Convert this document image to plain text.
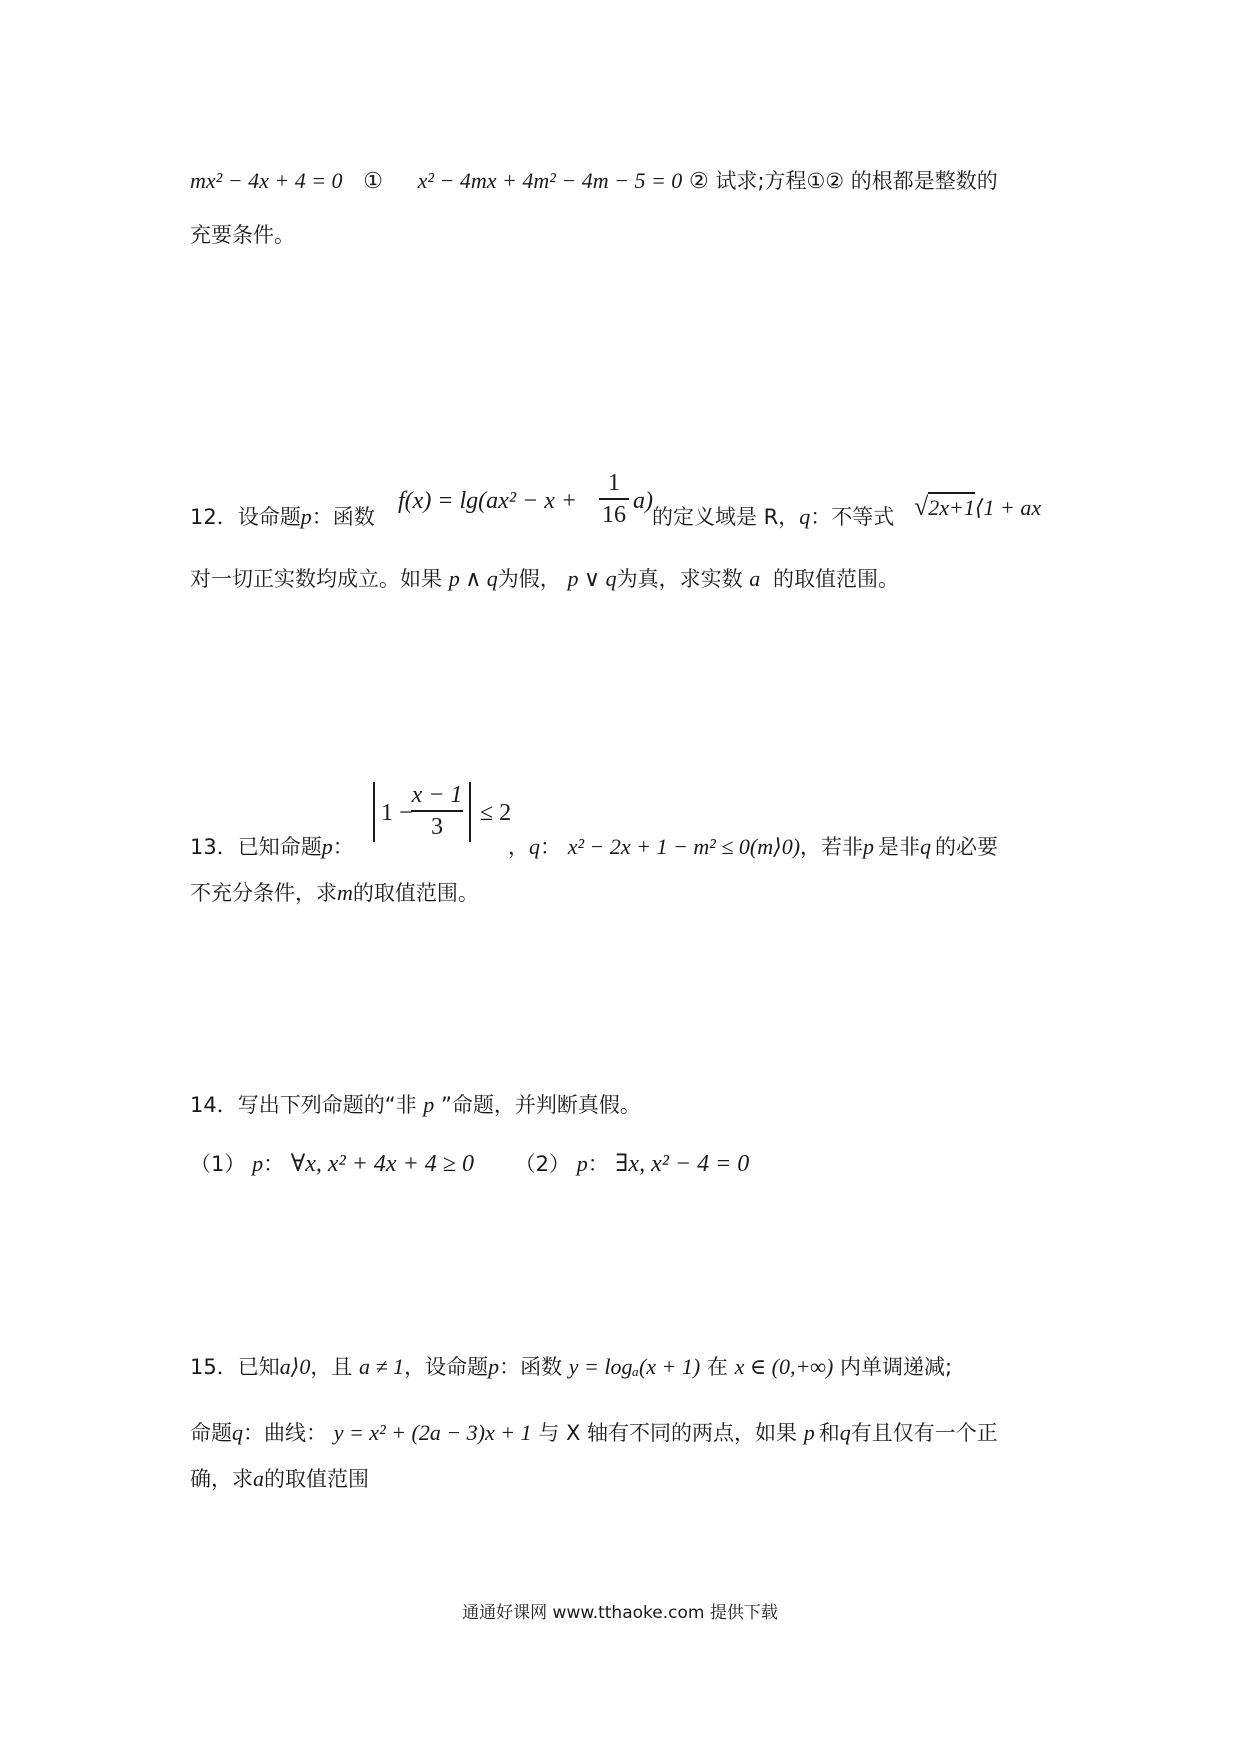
mx² − 4x + 4 = 0 ① x² − 4mx + 4m² − 4m − 5 = 0 ② 试求;方程①② 的根都是整数的
充要条件。
f(x) = lg(ax² − x +
1
16
a)
12．设命题p：函数	的定义域是 R，q：不等式 √2x+1⟨1 + ax
对一切正实数均成立。如果 p ∧ q为假， p ∨ q为真，求实数 a 的取值范围。
1 −
x − 1
3
≤ 2
13．已知命题p：	，q： x² − 2x + 1 − m² ≤ 0(m⟩0)，若非p 是非q 的必要
不充分条件，求m的取值范围。
14．写出下列命题的“非 p ”命题，并判断真假。
（1） p： ∀x, x² + 4x + 4 ≥ 0 （2） p： ∃x, x² − 4 = 0
15．已知a⟩0，且 a ≠ 1，设命题p：函数 y = logₐ(x + 1) 在 x ∈ (0,+∞) 内单调递减;
命题q：曲线： y = x² + (2a − 3)x + 1 与 X 轴有不同的两点，如果 p 和q有且仅有一个正
确，求a的取值范围
通通好课网 www.tthaoke.com 提供下载
